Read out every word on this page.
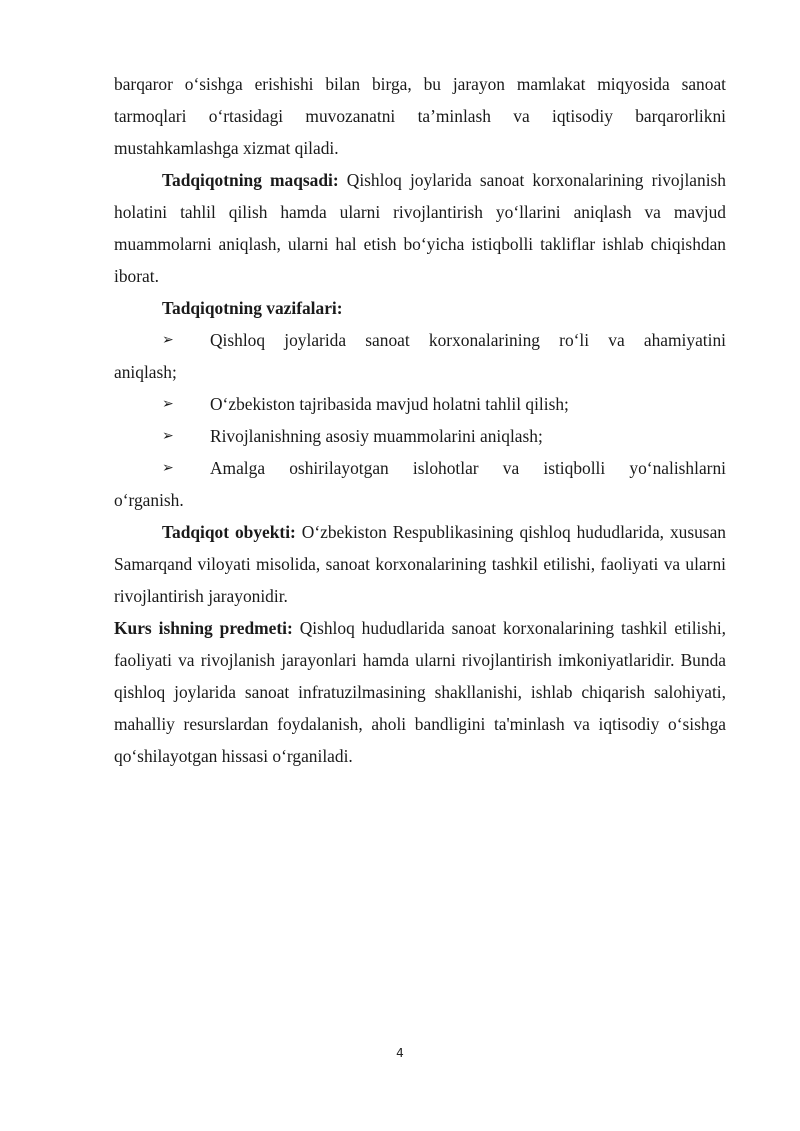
barqaror o‘sishga erishishi bilan birga, bu jarayon mamlakat miqyosida sanoat tarmoqlari o‘rtasidagi muvozanatni ta’minlash va iqtisodiy barqarorlikni mustahkamlashga xizmat qiladi.

Tadqiqotning maqsadi: Qishloq joylarida sanoat korxonalarining rivojlanish holatini tahlil qilish hamda ularni rivojlantirish yo‘llarini aniqlash va mavjud muammolarni aniqlash, ularni hal etish bo‘yicha istiqbolli takliflar ishlab chiqishdan iborat.

Tadqiqotning vazifalari:

➢	Qishloq joylarida sanoat korxonalarining ro‘li va ahamiyatini
aniqlash;
➢	O‘zbekiston tajribasida mavjud holatni tahlil qilish;
➢	Rivojlanishning asosiy muammolarini aniqlash;
➢	Amalga oshirilayotgan islohotlar va istiqbolli yo‘nalishlarni
o‘rganish.

Tadqiqot obyekti: O‘zbekiston Respublikasining qishloq hududlarida, xususan Samarqand viloyati misolida, sanoat korxonalarining tashkil etilishi, faoliyati va ularni rivojlantirish jarayonidir.

Kurs ishning predmeti: Qishloq hududlarida sanoat korxonalarining tashkil etilishi, faoliyati va rivojlanish jarayonlari hamda ularni rivojlantirish imkoniyatlaridir. Bunda qishloq joylarida sanoat infratuzilmasining shakllanishi, ishlab chiqarish salohiyati, mahalliy resurslardan foydalanish, aholi bandligini ta'minlash va iqtisodiy o‘sishga qo‘shilayotgan hissasi o‘rganiladi.

4
